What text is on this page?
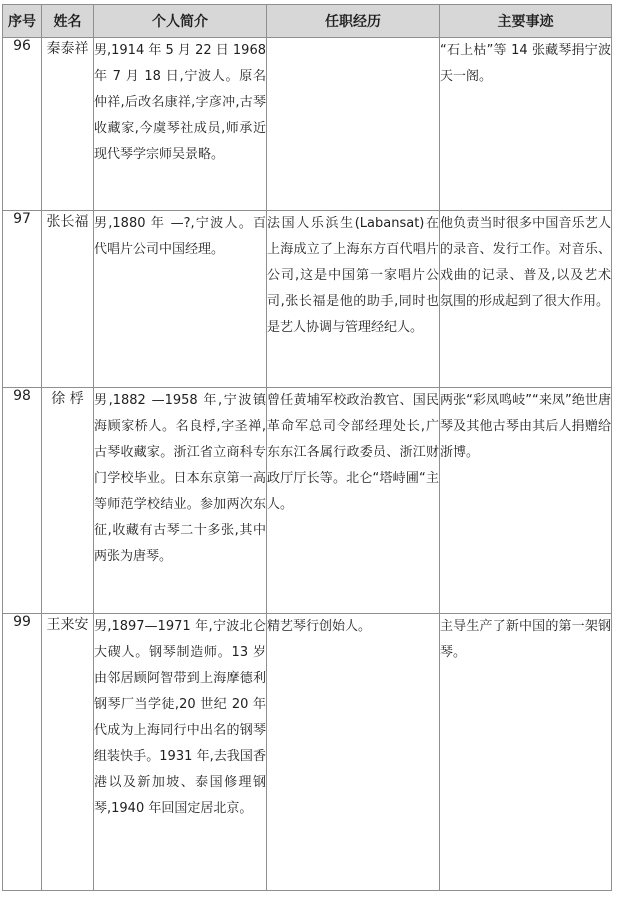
序号	姓名	个人简介	任职经历	主要事迹
96	秦泰祥	男,1914 年 5 月 22 日 1968 年 7 月 18 日,宁波人。原名仲祥,后改名康祥,字彦冲,古琴收藏家,今虞琴社成员,师承近现代琴学宗师吴景略。		“石上枯”等 14 张藏琴捐宁波天一阁。
97	张长福	男,1880 年 —?,宁波人。百代唱片公司中国经理。	法国人乐浜生(Labansat)在上海成立了上海东方百代唱片公司,这是中国第一家唱片公司,张长福是他的助手,同时也是艺人协调与管理经纪人。	他负责当时很多中国音乐艺人的录音、发行工作。对音乐、戏曲的记录、普及,以及艺术氛围的形成起到了很大作用。
98	徐 桴	男,1882 —1958 年,宁波镇海顾家桥人。名良桴,字圣禅,古琴收藏家。浙江省立商科专门学校毕业。日本东京第一高等师范学校结业。参加两次东征,收藏有古琴二十多张,其中两张为唐琴。	曾任黄埔军校政治教官、国民革命军总司令部经理处长,广东东江各属行政委员、浙江财政厅厅长等。北仑“塔峙圃“主人。	两张“彩凤鸣岐”“来凤”绝世唐琴及其他古琴由其后人捐赠给浙博。
99	王来安	男,1897—1971 年,宁波北仑大碶人。钢琴制造师。13 岁由邻居顾阿智带到上海摩德利钢琴厂当学徒,20 世纪 20 年代成为上海同行中出名的钢琴组装快手。1931 年,去我国香港以及新加坡、泰国修理钢琴,1940 年回国定居北京。	精艺琴行创始人。	主导生产了新中国的第一架钢琴。
